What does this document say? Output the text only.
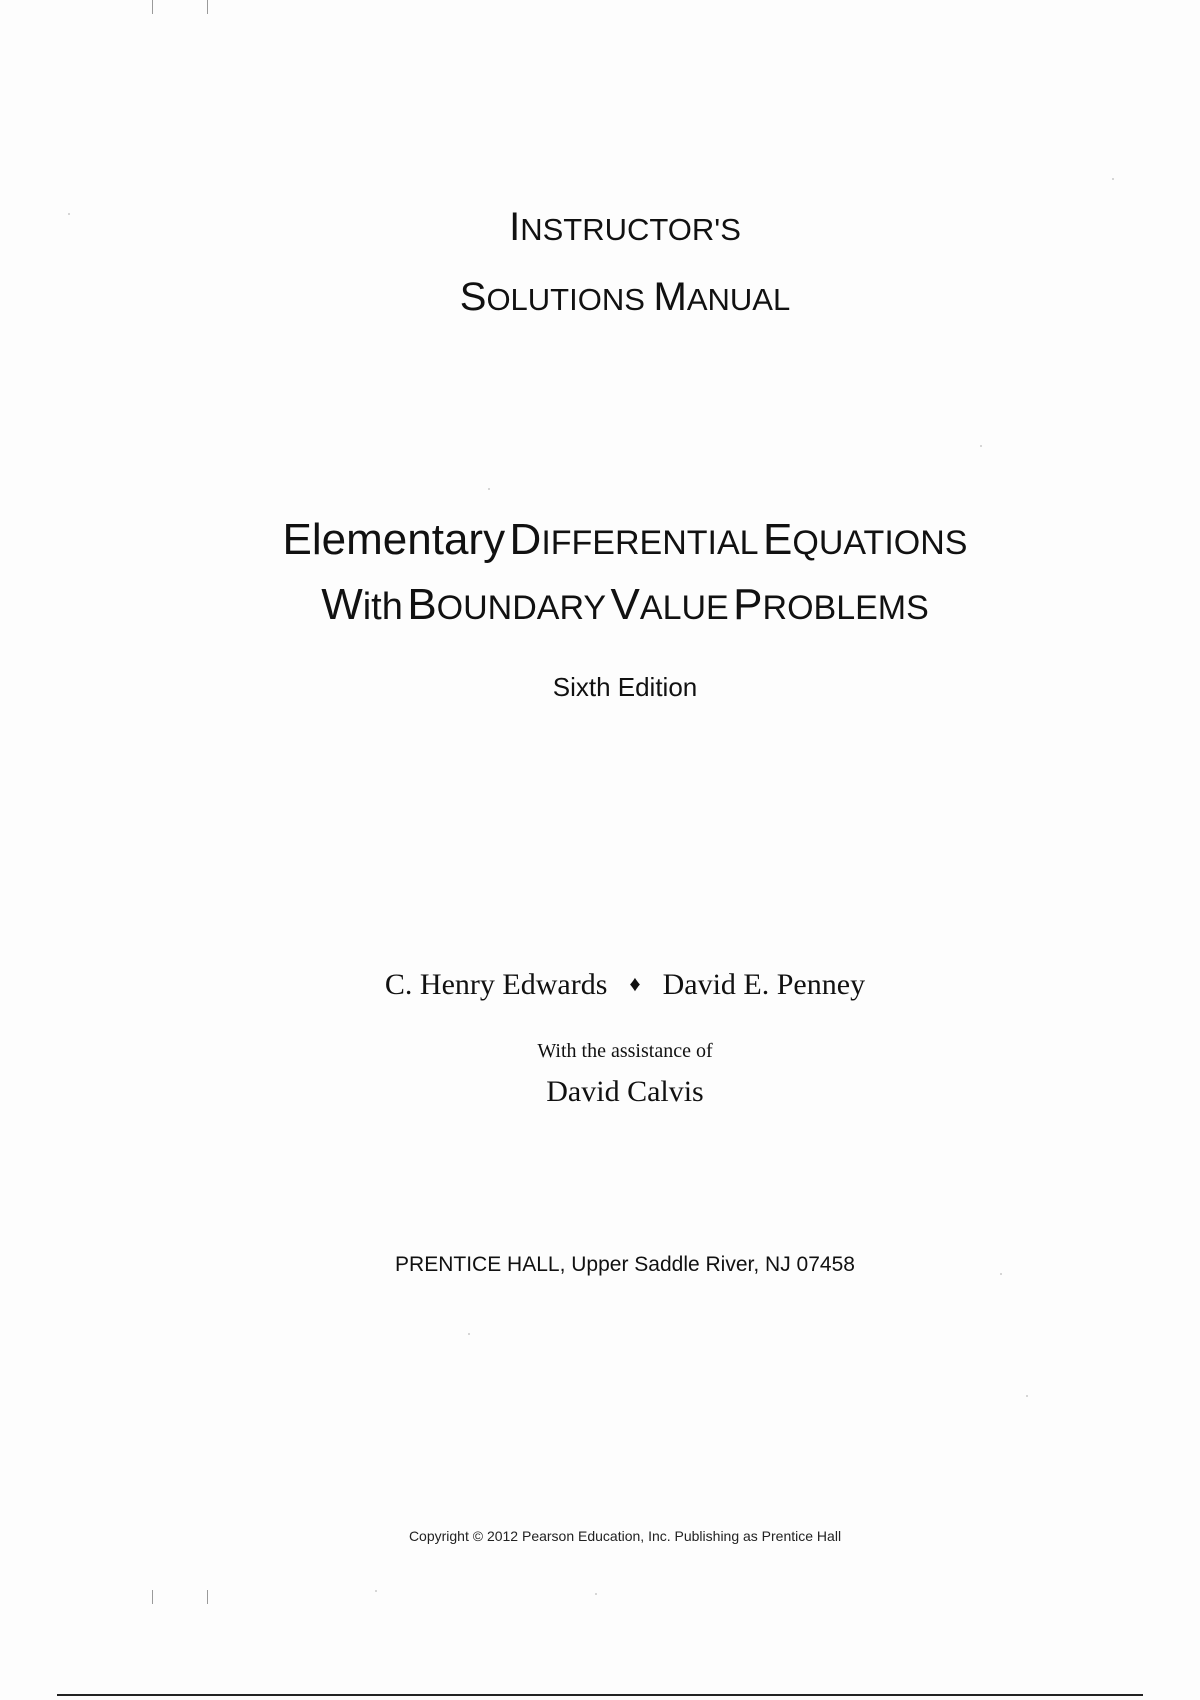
INSTRUCTOR'S
SOLUTIONS MANUAL
Elementary DIFFERENTIAL EQUATIONS
With BOUNDARY VALUE PROBLEMS
Sixth Edition
C. Henry Edwards ♦ David E. Penney
With the assistance of
David Calvis
PRENTICE HALL, Upper Saddle River, NJ 07458
Copyright © 2012 Pearson Education, Inc. Publishing as Prentice Hall
